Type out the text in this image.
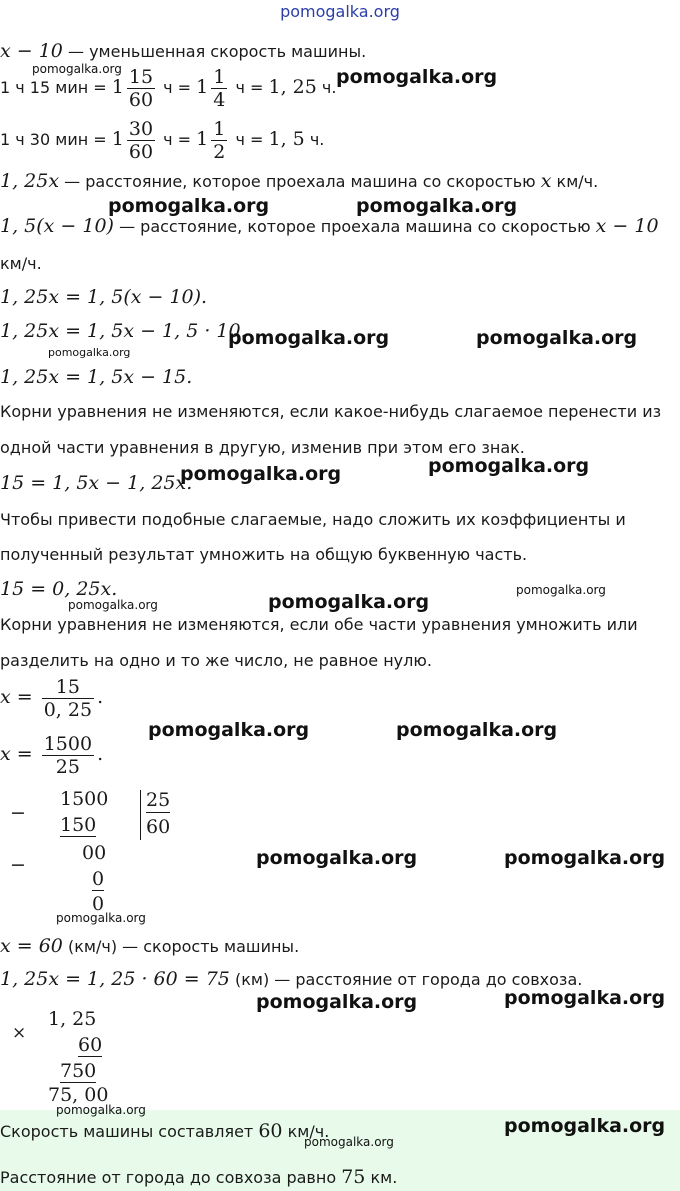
pomogalka.org
x − 10 — уменьшенная скорость машины.
1 ч 15 мин = $1 \frac{15}{60}$ $ч = 1 \frac{1}{4}$ ч = 1, 25 ч.
1 ч 30 мин = $1 \frac{30}{60}$ $ч = 1 \frac{1}{2}$ ч = 1, 5 ч.
1, 25x — расстояние, которое проехала машина со скоростью x км/ч.
1, 5(x − 10) — расстояние, которое проехала машина со скоростью x − 10
км/ч.
1, 25x = 1, 5(x − 10).
1, 25x = 1, 5x − 1, 5 · 10.
1, 25x = 1, 5x − 15.
Корни уравнения не изменяются, если какое-нибудь слагаемое перенести из
одной части уравнения в другую, изменив при этом его знак.
15 = 1, 5x − 1, 25x.
Чтобы привести подобные слагаемые, надо сложить их коэффициенты и
полученный результат умножить на общую буквенную часть.
15 = 0, 25x.
Корни уравнения не изменяются, если обе части уравнения умножить или
разделить на одно и то же число, не равное нулю.
$x = \frac{15}{0, 25}$ .
$x = \frac{1500}{25}$ .
−
1500
150
25
60
−
00
0
0
x = 60 (км/ч) — скорость машины.
1, 25x = 1, 25 · 60 = 75 (км) — расстояние от города до совхоза.
×
1, 25
60
750
75, 00
Скорость машины составляет 60 км/ч.
Расстояние от города до совхоза равно 75 км.
pomogalka.org	pomogalka.org
pomogalka.org	pomogalka.org
pomogalka.org	pomogalka.org
pomogalka.org
pomogalka.org	pomogalka.org
pomogalka.org	pomogalka.org
pomogalka.org
pomogalka.org	pomogalka.org
pomogalka.org	pomogalka.org
pomogalka.org
pomogalka.org	pomogalka.org
pomogalka.org
pomogalka.org
pomogalka.org
